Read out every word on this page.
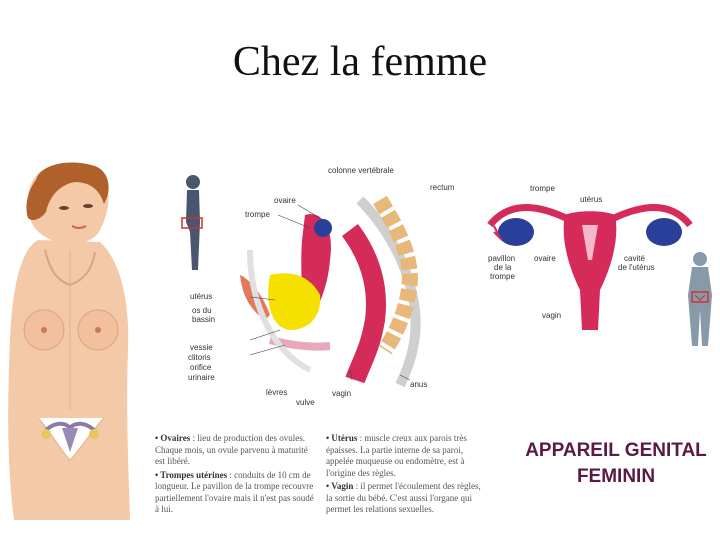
Chez la femme
colonne vertébrale
rectum
ovaire
trompe
utérus
os du
bassin
vessie
clitoris
orifice
urinaire
lèvres
vulve
vagin
anus
trompe
utérus
pavillon
de la
trompe
ovaire	cavité
de l'utérus
vagin
• Ovaires : lieu de production des ovules. Chaque mois, un ovule parvenu à maturité est libéré.
• Trompes utérines : conduits de 10 cm de longueur. Le pavillon de la trompe recouvre partiellement l'ovaire mais il n'est pas soudé à lui.
• Utérus : muscle creux aux parois très épaisses. La partie interne de sa paroi, appelée muqueuse ou endomètre, est à l'origine des règles.
• Vagin : il permet l'écoulement des règles, la sortie du bébé. C'est aussi l'organe qui permet les relations sexuelles.
APPAREIL GENITAL
FEMININ
